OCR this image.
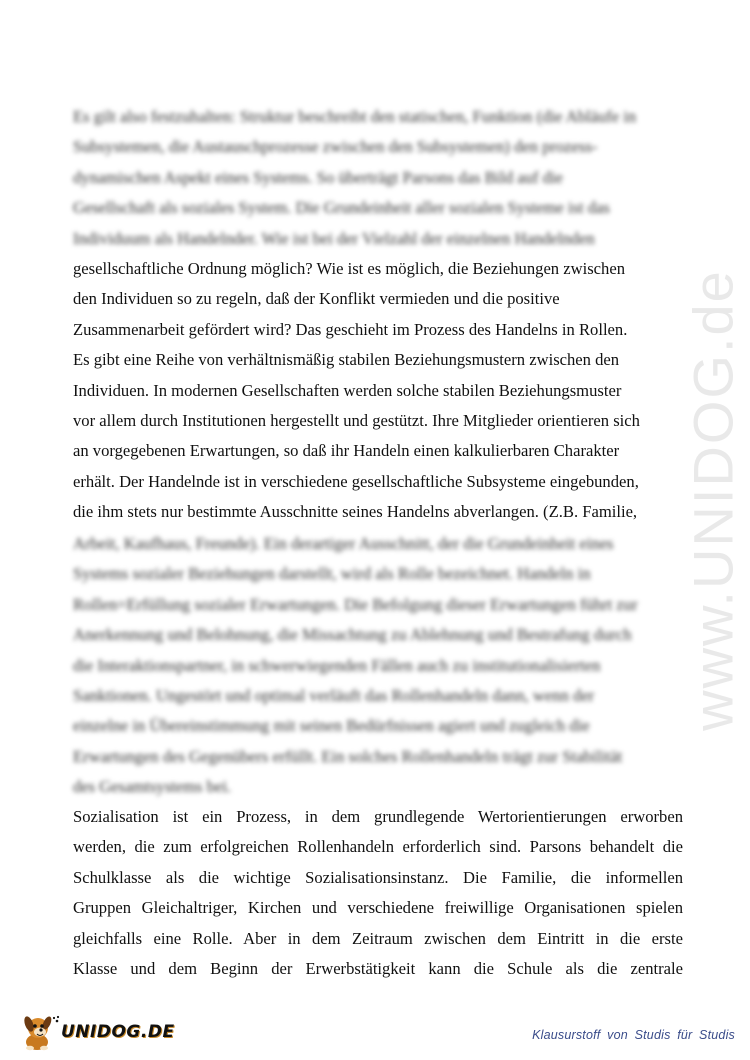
www.UNIDOG.de
Es gilt also festzuhalten: Struktur beschreibt den statischen, Funktion (die Abläufe in
Subsystemen, die Austauschprozesse zwischen den Subsystemen) den prozess-
dynamischen Aspekt eines Systems. So überträgt Parsons das Bild auf die
Gesellschaft als soziales System. Die Grundeinheit aller sozialen Systeme ist das
Individuum als Handelnder. Wie ist bei der Vielzahl der einzelnen Handelnden
gesellschaftliche Ordnung möglich? Wie ist es möglich, die Beziehungen zwischen
den Individuen so zu regeln, daß der Konflikt vermieden und die positive
Zusammenarbeit gefördert wird? Das geschieht im Prozess des Handelns in Rollen.
Es gibt eine Reihe von verhältnismäßig stabilen Beziehungsmustern zwischen den
Individuen. In modernen Gesellschaften werden solche stabilen Beziehungsmuster
vor allem durch Institutionen hergestellt und gestützt. Ihre Mitglieder orientieren sich
an vorgegebenen Erwartungen, so daß ihr Handeln einen kalkulierbaren Charakter
erhält. Der Handelnde ist in verschiedene gesellschaftliche Subsysteme eingebunden,
die ihm stets nur bestimmte Ausschnitte seines Handelns abverlangen. (Z.B. Familie,
Arbeit, Kaufhaus, Freunde). Ein derartiger Ausschnitt, der die Grundeinheit eines
Systems sozialer Beziehungen darstellt, wird als Rolle bezeichnet. Handeln in
Rollen=Erfüllung sozialer Erwartungen. Die Befolgung dieser Erwartungen führt zur
Anerkennung und Belohnung, die Missachtung zu Ablehnung und Bestrafung durch
die Interaktionspartner, in schwerwiegenden Fällen auch zu institutionalisierten
Sanktionen. Ungestört und optimal verläuft das Rollenhandeln dann, wenn der
einzelne in Übereinstimmung mit seinen Bedürfnissen agiert und zugleich die
Erwartungen des Gegenübers erfüllt. Ein solches Rollenhandeln trägt zur Stabilität
des Gesamtsystems bei.
Sozialisation ist ein Prozess, in dem grundlegende Wertorientierungen erworben
werden, die zum erfolgreichen Rollenhandeln erforderlich sind. Parsons behandelt die
Schulklasse als die wichtige Sozialisationsinstanz. Die Familie, die informellen
Gruppen Gleichaltriger, Kirchen und verschiedene freiwillige Organisationen spielen
gleichfalls eine Rolle. Aber in dem Zeitraum zwischen dem Eintritt in die erste
Klasse und dem Beginn der Erwerbstätigkeit kann die Schule als die zentrale
UNIDOG.DE	Klausurstoff von Studis für Studis
